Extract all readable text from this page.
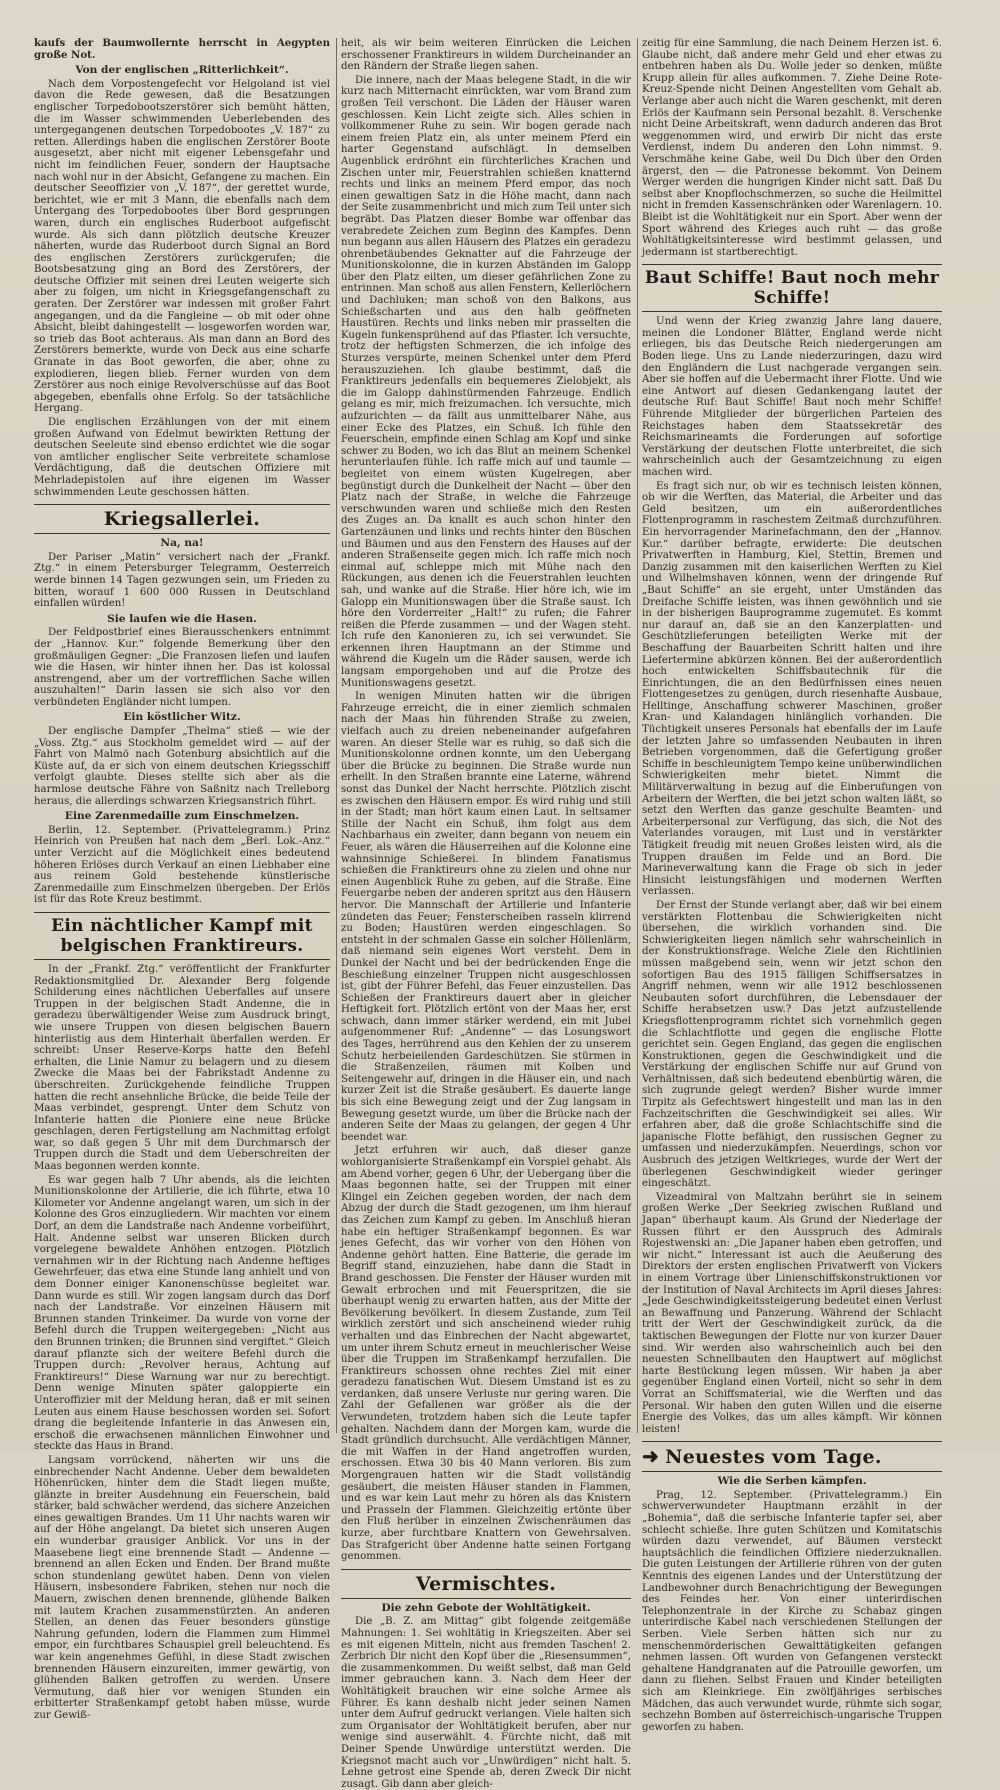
kaufs der Baumwollernte herrscht in Aegypten große Not.

Von der englischen „Ritterlichkeit“.

Nach dem Vorpostengefecht vor Helgoland ist viel davon die Rede gewesen, daß die Besatzungen englischer Torpedobootszerstörer sich bemüht hätten, die im Wasser schwimmenden Ueberlebenden des untergegangenen deutschen Torpedobootes „V. 187“ zu retten. Allerdings haben die englischen Zerstörer Boote ausgesetzt, aber nicht mit eigener Lebensgefahr und nicht im feindlichen Feuer, sondern der Hauptsache nach wohl nur in der Absicht, Gefangene zu machen. Ein deutscher Seeoffizier von „V. 187“, der gerettet wurde, berichtet, wie er mit 3 Mann, die ebenfalls nach dem Untergang des Torpedobootes über Bord gesprungen waren, durch ein englisches Ruderboot aufgefischt wurde. Als sich dann plötzlich deutsche Kreuzer näherten, wurde das Ruderboot durch Signal an Bord des englischen Zerstörers zurückgerufen; die Bootsbesatzung ging an Bord des Zerstörers, der deutsche Offizier mit seinen drei Leuten weigerte sich aber zu folgen, um nicht in Kriegsgefangenschaft zu geraten. Der Zerstörer war indessen mit großer Fahrt angegangen, und da die Fangleine — ob mit oder ohne Absicht, bleibt dahingestellt — losgeworfen worden war, so trieb das Boot achteraus. Als man dann an Bord des Zerstörers bemerkte, wurde von Deck aus eine scharfe Granate in das Boot geworfen, die aber, ohne zu explodieren, liegen blieb. Ferner wurden von dem Zerstörer aus noch einige Revolverschüsse auf das Boot abgegeben, ebenfalls ohne Erfolg. So der tatsächliche Hergang.

Die englischen Erzählungen von der mit einem großen Aufwand von Edelmut bewirkten Rettung der deutschen Seeleute sind ebenso erdichtet wie die sogar von amtlicher englischer Seite verbreitete schamlose Verdächtigung, daß die deutschen Offiziere mit Mehrladepistolen auf ihre eigenen im Wasser schwimmenden Leute geschossen hätten.

Kriegsallerlei.
Na, na!

Der Pariser „Matin“ versichert nach der „Frankf. Ztg.“ in einem Petersburger Telegramm, Oesterreich werde binnen 14 Tagen gezwungen sein, um Frieden zu bitten, worauf 1 600 000 Russen in Deutschland einfallen würden!

Sie laufen wie die Hasen.

Der Feldpostbrief eines Bierausschenkers entnimmt der „Hannov. Kur.“ folgende Bemerkung über den großmäuligen Gegner: „Die Franzosen liefen und laufen wie die Hasen, wir hinter ihnen her. Das ist kolossal anstrengend, aber um der vortrefflichen Sache willen auszuhalten!“ Darin lassen sie sich also vor den verbündeten Engländer nicht lumpen.

Ein köstlicher Witz.

Der englische Dampfer „Thelma“ stieß — wie der „Voss. Ztg.“ aus Stockholm gemeldet wird — auf der Fahrt von Malmö nach Gotenburg absichtlich auf die Küste auf, da er sich von einem deutschen Kriegsschiff verfolgt glaubte. Dieses stellte sich aber als die harmlose deutsche Fähre von Saßnitz nach Trelleborg heraus, die allerdings schwarzen Kriegsanstrich führt.

Eine Zarenmedaille zum Einschmelzen.

Berlin, 12. September. (Privattelegramm.) Prinz Heinrich von Preußen hat nach dem „Berl. Lok.-Anz.“ unter Verzicht auf die Möglichkeit eines bedeutend höheren Erlöses durch Verkauf an einen Liebhaber eine aus reinem Gold bestehende künstlerische Zarenmedaille zum Einschmelzen übergeben. Der Erlös ist für das Rote Kreuz bestimmt.

Ein nächtlicher Kampf mit belgischen Franktireurs.

In der „Frankf. Ztg.“ veröffentlicht der Frankfurter Redaktionsmitglied Dr. Alexander Berg folgende Schilderung eines nächtlichen Ueberfalles auf unsere Truppen in der belgischen Stadt Andenne, die in geradezu überwältigender Weise zum Ausdruck bringt, wie unsere Truppen von diesen belgischen Bauern hinterlistig aus dem Hinterhalt überfallen werden. Er schreibt: Unser Reserve-Korps hatte den Befehl erhalten, die Linie Namur zu belagern und zu diesem Zwecke die Maas bei der Fabrikstadt Andenne zu überschreiten. Zurückgehende feindliche Truppen hatten die recht ansehnliche Brücke, die beide Teile der Maas verbindet, gesprengt. Unter dem Schutz von Infanterie hatten die Pioniere eine neue Brücke geschlagen, deren Fertigstellung am Nachmittag erfolgt war, so daß gegen 5 Uhr mit dem Durchmarsch der Truppen durch die Stadt und dem Ueberschreiten der Maas begonnen werden konnte.

Es war gegen halb 7 Uhr abends, als die leichten Munitionskolonne der Artillerie, die ich führte, etwa 10 Kilometer vor Andenne angelangt waren, um sich in der Kolonne des Gros einzugliedern. Wir machten vor einem Dorf, an dem die Landstraße nach Andenne vorbeiführt, Halt. Andenne selbst war unseren Blicken durch vorgelegene bewaldete Anhöhen entzogen. Plötzlich vernahmen wir in der Richtung nach Andenne heftiges Gewehrfeuer, das etwa eine Stunde lang anhielt und von dem Donner einiger Kanonenschüsse begleitet war. Dann wurde es still. Wir zogen langsam durch das Dorf nach der Landstraße. Vor einzelnen Häusern mit Brunnen standen Trinkeimer. Da wurde von vorne der Befehl durch die Truppen weitergegeben: „Nicht aus den Brunnen trinken; die Brunnen sind vergiftet.“ Gleich darauf pflanzte sich der weitere Befehl durch die Truppen durch: „Revolver heraus, Achtung auf Franktireurs!“ Diese Warnung war nur zu berechtigt. Denn wenige Minuten später galoppierte ein Unteroffizier mit der Meldung heran, daß er mit seinen Leuten aus einem Hause beschossen worden sei. Sofort drang die begleitende Infanterie in das Anwesen ein, erschoß die erwachsenen männlichen Einwohner und steckte das Haus in Brand.

Langsam vorrückend, näherten wir uns die einbrechender Nacht Andenne. Ueber dem bewaldeten Höhenrücken, hinter dem die Stadt liegen mußte, glänzte in breiter Ausdehnung ein Feuerschein, bald stärker, bald schwächer werdend, das sichere Anzeichen eines gewaltigen Brandes. Um 11 Uhr nachts waren wir auf der Höhe angelangt. Da bietet sich unseren Augen ein wunderbar grausiger Anblick. Vor uns in der Maasebene liegt eine brennende Stadt — Andenne — brennend an allen Ecken und Enden. Der Brand mußte schon stundenlang gewütet haben. Denn von vielen Häusern, insbesondere Fabriken, stehen nur noch die Mauern, zwischen denen brennende, glühende Balken mit lautem Krachen zusammenstürzten. An anderen Stellen, an denen das Feuer besonders günstige Nahrung gefunden, lodern die Flammen zum Himmel empor, ein furchtbares Schauspiel grell beleuchtend. Es war kein angenehmes Gefühl, in diese Stadt zwischen brennenden Häusern einzureiten, immer gewärtig, von glühenden Balken getroffen zu werden. Unsere Vermutung, daß hier vor wenigen Stunden ein erbitterter Straßenkampf getobt haben müsse, wurde zur Gewiß-

heit, als wir beim weiteren Einrücken die Leichen erschossener Franktireurs in wildem Durcheinander an den Rändern der Straße liegen sahen.

Die innere, nach der Maas belegene Stadt, in die wir kurz nach Mitternacht einrückten, war vom Brand zum großen Teil verschont. Die Läden der Häuser waren geschlossen. Kein Licht zeigte sich. Alles schien in vollkommener Ruhe zu sein. Wir bogen gerade nach einem freien Platz ein, als unter meinem Pferd ein harter Gegenstand aufschlägt. In demselben Augenblick erdröhnt ein fürchterliches Krachen und Zischen unter mir, Feuerstrahlen schießen knatternd rechts und links an meinem Pferd empor, das noch einen gewaltigen Satz in die Höhe macht, dann nach der Seite zusammenbricht und mich zum Teil unter sich begräbt. Das Platzen dieser Bombe war offenbar das verabredete Zeichen zum Beginn des Kampfes. Denn nun begann aus allen Häusern des Platzes ein geradezu ohrenbetäubendes Geknatter auf die Fahrzeuge der Munitionskolonne, die in kurzen Abständen im Galopp über den Platz eilten, um dieser gefährlichen Zone zu entrinnen. Man schoß aus allen Fenstern, Kellerlöchern und Dachluken; man schoß von den Balkons, aus Schießscharten und aus den halb geöffneten Haustüren. Rechts und links neben mir prasselten die Kugeln funkensprühend auf das Pflaster. Ich versuchte, trotz der heftigsten Schmerzen, die ich infolge des Sturzes verspürte, meinen Schenkel unter dem Pferd herauszuziehen. Ich glaube bestimmt, daß die Franktireurs jedenfalls ein bequemeres Zielobjekt, als die im Galopp dahinstürmenden Fahrzeuge. Endlich gelang es mir, mich freizumachen. Ich versuchte, mich aufzurichten — da fällt aus unmittelbarer Nähe, aus einer Ecke des Platzes, ein Schuß. Ich fühle den Feuerschein, empfinde einen Schlag am Kopf und sinke schwer zu Boden, wo ich das Blut an meinem Schenkel herunterlaufen fühle. Ich raffe mich auf und taumle — begleitet von einem wüsten Kugelregen, aber begünstigt durch die Dunkelheit der Nacht — über den Platz nach der Straße, in welche die Fahrzeuge verschwunden waren und schließe mich den Resten des Zuges an. Da knallt es auch schon hinter den Gartenzäunen und links und rechts hinter den Büschen und Bäumen und aus den Fenstern des Hauses auf der anderen Straßenseite gegen mich. Ich raffe mich noch einmal auf, schleppe mich mit Mühe nach den Rückungen, aus denen ich die Feuerstrahlen leuchten sah, und wanke auf die Straße. Hier höre ich, wie im Galopp ein Munitionswagen über die Straße saust. Ich höre den Vorderreiter „Halt!“ zu rufen; die Fahrer reißen die Pferde zusammen — und der Wagen steht. Ich rufe den Kanonieren zu, ich sei verwundet. Sie erkennen ihren Hauptmann an der Stimme und während die Kugeln um die Räder sausen, werde ich langsam emporgehoben und auf die Protze des Munitionswagens gesetzt.

In wenigen Minuten hatten wir die übrigen Fahrzeuge erreicht, die in einer ziemlich schmalen nach der Maas hin führenden Straße zu zweien, vielfach auch zu dreien nebeneinander aufgefahren waren. An dieser Stelle war es ruhig, so daß sich die Munitionskolonne ordnen konnte, um den Uebergang über die Brücke zu beginnen. Die Straße wurde nun erhellt. In den Straßen brannte eine Laterne, während sonst das Dunkel der Nacht herrschte. Plötzlich zischt es zwischen den Häusern empor. Es wird ruhig und still in der Stadt; man hört kaum einen Laut. In seltsamer Stille der Nacht ein Schuß, ihm folgt aus dem Nachbarhaus ein zweiter, dann begann von neuem ein Feuer, als wären die Häuserreihen auf die Kolonne eine wahnsinnige Schießerei. In blindem Fanatismus schießen die Franktireurs ohne zu zielen und ohne nur einen Augenblick Ruhe zu geben, auf die Straße. Eine Feuergarbe neben der anderen spritzt aus den Häusern hervor. Die Mannschaft der Artillerie und Infanterie zündeten das Feuer; Fensterscheiben rasseln klirrend zu Boden; Haustüren werden eingeschlagen. So entsteht in der schmalen Gasse ein solcher Höllenlärm, daß niemand sein eigenes Wort versteht. Dem in Dunkel der Nacht und bei der bedrückenden Enge die Beschießung einzelner Truppen nicht ausgeschlossen ist, gibt der Führer Befehl, das Feuer einzustellen. Das Schießen der Franktireurs dauert aber in gleicher Heftigkeit fort. Plötzlich ertönt von der Maas her, erst schwach, dann immer stärker werdend, ein mit Jubel aufgenommener Ruf: „Andenne“ — das Losungswort des Tages, herrührend aus den Kehlen der zu unserem Schutz herbeieilenden Gardeschützen. Sie stürmen in die Straßenzeilen, räumen mit Kolben und Seitengewehr auf, dringen in die Häuser ein, und nach kurzer Zeit ist die Straße gesäubert. Es dauerte lange bis sich eine Bewegung zeigt und der Zug langsam in Bewegung gesetzt wurde, um über die Brücke nach der anderen Seite der Maas zu gelangen, der gegen 4 Uhr beendet war.

Jetzt erfuhren wir auch, daß dieser ganze wohlorganisierte Straßenkampf ein Vorspiel gehabt. Als am Abend vorher, gegen 6 Uhr, der Uebergang über die Maas begonnen hatte, sei der Truppen mit einer Klingel ein Zeichen gegeben worden, der nach dem Abzug der durch die Stadt gezogenen, um ihm hierauf das Zeichen zum Kampf zu geben. Im Anschluß hieran habe ein heftiger Straßenkampf begonnen. Es war jenes Gefecht, das wir vorher von den Höhen von Andenne gehört hatten. Eine Batterie, die gerade im Begriff stand, einzuziehen, habe dann die Stadt in Brand geschossen. Die Fenster der Häuser wurden mit Gewalt erbrochen und mit Feuerspritzen, die sie überhaupt wenig zu erwarten hatten, aus der Mitte der Bevölkerung bevölkert. In diesem Zustande, zum Teil wirklich zerstört und sich anscheinend wieder ruhig verhalten und das Einbrechen der Nacht abgewartet, um unter ihrem Schutz erneut in meuchlerischer Weise über die Truppen im Straßenkampf herzufallen. Die Franktireurs schossen ohne rechtes Ziel mit einer geradezu fanatischen Wut. Diesem Umstand ist es zu verdanken, daß unsere Verluste nur gering waren. Die Zahl der Gefallenen war größer als die der Verwundeten, trotzdem haben sich die Leute tapfer gehalten. Nachdem dann der Morgen kam, wurde die Stadt gründlich durchsucht. Alle verdächtigen Männer, die mit Waffen in der Hand angetroffen wurden, erschossen. Etwa 30 bis 40 Mann verloren. Bis zum Morgengrauen hatten wir die Stadt vollständig gesäubert, die meisten Häuser standen in Flammen, und es war kein Laut mehr zu hören als das Knistern und Prasseln der Flammen. Gleichzeitig ertönte über den Fluß herüber in einzelnen Zwischenräumen das kurze, aber furchtbare Knattern von Gewehrsalven. Das Strafgericht über Andenne hatte seinen Fortgang genommen.

Vermischtes.
Die zehn Gebote der Wohltätigkeit.

Die „B. Z. am Mittag“ gibt folgende zeitgemäße Mahnungen: 1. Sei wohltätig in Kriegszeiten. Aber sei es mit eigenen Mitteln, nicht aus fremden Taschen! 2. Zerbrich Dir nicht den Kopf über die „Riesensummen“, die zusammenkommen. Du weißt selbst, daß man Geld immer gebrauchen kann. 3. Nach dem Heer der Wohltätigkeit brauchen wir eine solche Armee als Führer. Es kann deshalb nicht jeder seinen Namen unter dem Aufruf gedruckt verlangen. Viele halten sich zum Organisator der Wohltätigkeit berufen, aber nur wenige sind auserwählt. 4. Fürchte nicht, daß mit Deiner Spende Unwürdige unterstützt werden. Die Kriegsnot macht auch vor „Unwürdigen“ nicht halt. 5. Lehne getrost eine Spende ab, deren Zweck Dir nicht zusagt. Gib dann aber gleich-

zeitig für eine Sammlung, die nach Deinem Herzen ist. 6. Glaube nicht, daß andere mehr Geld und eher etwas zu entbehren haben als Du. Wolle jeder so denken, müßte Krupp allein für alles aufkommen. 7. Ziehe Deine Rote-Kreuz-Spende nicht Deinen Angestellten vom Gehalt ab. Verlange aber auch nicht die Waren geschenkt, mit deren Erlös der Kaufmann sein Personal bezahlt. 8. Verschenke nicht Deine Arbeitskraft, wenn dadurch anderen das Brot weggenommen wird, und erwirb Dir nicht das erste Verdienst, indem Du anderen den Lohn nimmst. 9. Verschmähe keine Gabe, weil Du Dich über den Orden ärgerst, den — die Patronesse bekommt. Von Deinem Werger werden die hungrigen Kinder nicht satt. Daß Du selbst aber Knopflochschmerzen, so suche die Heilmittel nicht in fremden Kassenschränken oder Warenlagern. 10. Bleibt ist die Wohltätigkeit nur ein Sport. Aber wenn der Sport während des Krieges auch ruht — das große Wohltätigkeitsinteresse wird bestimmt gelassen, und jedermann ist startberechtigt.

Baut Schiffe! Baut noch mehr Schiffe!

Und wenn der Krieg zwanzig Jahre lang dauere, meinen die Londoner Blätter, England werde nicht erliegen, bis das Deutsche Reich niedergerungen am Boden liege. Uns zu Lande niederzuringen, dazu wird den Engländern die Lust nachgerade vergangen sein. Aber sie hoffen auf die Uebermacht ihrer Flotte. Und wie eine Antwort auf diesen Gedankengang lautet der deutsche Ruf: Baut Schiffe! Baut noch mehr Schiffe! Führende Mitglieder der bürgerlichen Parteien des Reichstages haben dem Staatssekretär des Reichsmarineamts die Forderungen auf sofortige Verstärkung der deutschen Flotte unterbreitet, die sich wahrscheinlich auch der Gesamtzeichnung zu eigen machen wird.

Es fragt sich nur, ob wir es technisch leisten können, ob wir die Werften, das Material, die Arbeiter und das Geld besitzen, um ein außerordentliches Flottenprogramm in raschestem Zeitmaß durchzuführen. Ein hervorragender Marinefachmann, den der „Hannov. Kur.“ darüber befragte, erwiderte: Die deutschen Privatwerften in Hamburg, Kiel, Stettin, Bremen und Danzig zusammen mit den kaiserlichen Werften zu Kiel und Wilhelmshaven können, wenn der dringende Ruf „Baut Schiffe“ an sie ergeht, unter Umständen das Dreifache Schiffe leisten, was ihnen gewöhnlich und sie in der bisherigen Bauprogramme zugemutet. Es kommt nur darauf an, daß sie an den Kanzerplatten- und Geschützlieferungen beteiligten Werke mit der Beschaffung der Bauarbeiten Schritt halten und ihre Liefertermine abkürzen können. Bei der außerordentlich hoch entwickelten Schiffsbautechnik für die Einrichtungen, die an den Bedürfnissen eines neuen Flottengesetzes zu genügen, durch riesenhafte Ausbaue, Helltinge, Anschaffung schwerer Maschinen, großer Kran- und Kalandagen hinlänglich vorhanden. Die Tüchtigkeit unseres Personals hat ebenfalls der im Laufe der letzten Jahre so umfassenden Neubauten in ihren Betrieben vorgenommen, daß die Gefertigung großer Schiffe in beschleunigtem Tempo keine unüberwindlichen Schwierigkeiten mehr bietet. Nimmt die Militärverwaltung in bezug auf die Einberufungen von Arbeitern der Werften, die bei jetzt schon walten läßt, so setzt den Werften das ganze geschulte Beamten- und Arbeiterpersonal zur Verfügung, das sich, die Not des Vaterlandes voraugen, mit Lust und in verstärkter Tätigkeit freudig mit neuen Großes leisten wird, als die Truppen draußen im Felde und an Bord. Die Marineverwaltung kann die Frage ob sich in jeder Hinsicht leistungsfähigen und modernen Werften verlassen.

Der Ernst der Stunde verlangt aber, daß wir bei einem verstärkten Flottenbau die Schwierigkeiten nicht übersehen, die wirklich vorhanden sind. Die Schwierigkeiten liegen nämlich sehr wahrscheinlich in der Konstruktionsfrage. Welche Ziele den Richtlinien müssen maßgebend sein, wenn wir jetzt schon den sofortigen Bau des 1915 fälligen Schiffsersatzes in Angriff nehmen, wenn wir alle 1912 beschlossenen Neubauten sofort durchführen, die Lebensdauer der Schiffe herabsetzen usw.? Das jetzt aufzustellende Kriegsflottenprogramm richtet sich vornehmlich gegen die Schlachtflotte und gegen die englische Flotte gerichtet sein. Gegen England, das gegen die englischen Konstruktionen, gegen die Geschwindigkeit und die Verstärkung der englischen Schiffe nur auf Grund von Verhältnissen, daß sich bedeutend ebenbürtig wären, die sich zugrunde gelegt werden? Bisher wurde immer Tirpitz als Gefechtswert hingestellt und man las in den Fachzeitschriften die Geschwindigkeit sei alles. Wir erfahren aber, daß die große Schlachtschiffe sind die japanische Flotte befähigt, den russischen Gegner zu umfassen und niederzukämpfen. Neuerdings, schon vor Ausbruch des jetzigen Weltkrieges, wurde der Wert der überlegenen Geschwindigkeit wieder geringer eingeschätzt.

Vizeadmiral von Maltzahn berührt sie in seinem großen Werke „Der Seekrieg zwischen Rußland und Japan“ überhaupt kaum. Als Grund der Niederlage der Russen führt er den Ausspruch des Admirals Rojestwenski an: „Die Japaner haben eben getroffen, und wir nicht.“ Interessant ist auch die Aeußerung des Direktors der ersten englischen Privatwerft von Vickers in einem Vortrage über Linienschiffskonstruktionen vor der Institution of Naval Architects im April dieses Jahres: „Jede Geschwindigkeitssteigerung bedeutet einen Verlust an Bewaffnung und Panzerung. Während der Schlacht tritt der Wert der Geschwindigkeit zurück, da die taktischen Bewegungen der Flotte nur von kurzer Dauer sind. Wir werden also wahrscheinlich auch bei den neuesten Schnellbauten den Hauptwert auf möglichst harte Bestückung legen müssen. Wir haben ja aber gegenüber England einen Vorteil, nicht so sehr in dem Vorrat an Schiffsmaterial, wie die Werften und das Personal. Wir haben den guten Willen und die eiserne Energie des Volkes, das um alles kämpft. Wir können leisten!

➜ Neuestes vom Tage.
Wie die Serben kämpfen.

Prag, 12. September. (Privattelegramm.) Ein schwerverwundeter Hauptmann erzählt in der „Bohemia“, daß die serbische Infanterie tapfer sei, aber schlecht schieße. Ihre guten Schützen und Komitatschis würden dazu verwendet, auf Bäumen versteckt hauptsächlich die feindlichen Offiziere niederzuknallen. Die guten Leistungen der Artillerie rühren von der guten Kenntnis des eigenen Landes und der Unterstützung der Landbewohner durch Benachrichtigung der Bewegungen des Feindes her. Von einer unterirdischen Telephonzentrale in der Kirche zu Schabaz gingen unterirdische Kabel nach verschiedenen Stellungen der Serben. Viele Serben hätten sich nur zu menschenmörderischen Gewalttätigkeiten gefangen nehmen lassen. Oft wurden von Gefangenen versteckt gehaltene Handgranaten auf die Patrouille geworfen, um dann zu fliehen. Selbst Frauen und Kinder beteiligten sich am Kleinkriege. Ein zwölfjähriges serbisches Mädchen, das auch verwundet wurde, rühmte sich sogar, sechzehn Bomben auf österreichisch-ungarische Truppen geworfen zu haben.
